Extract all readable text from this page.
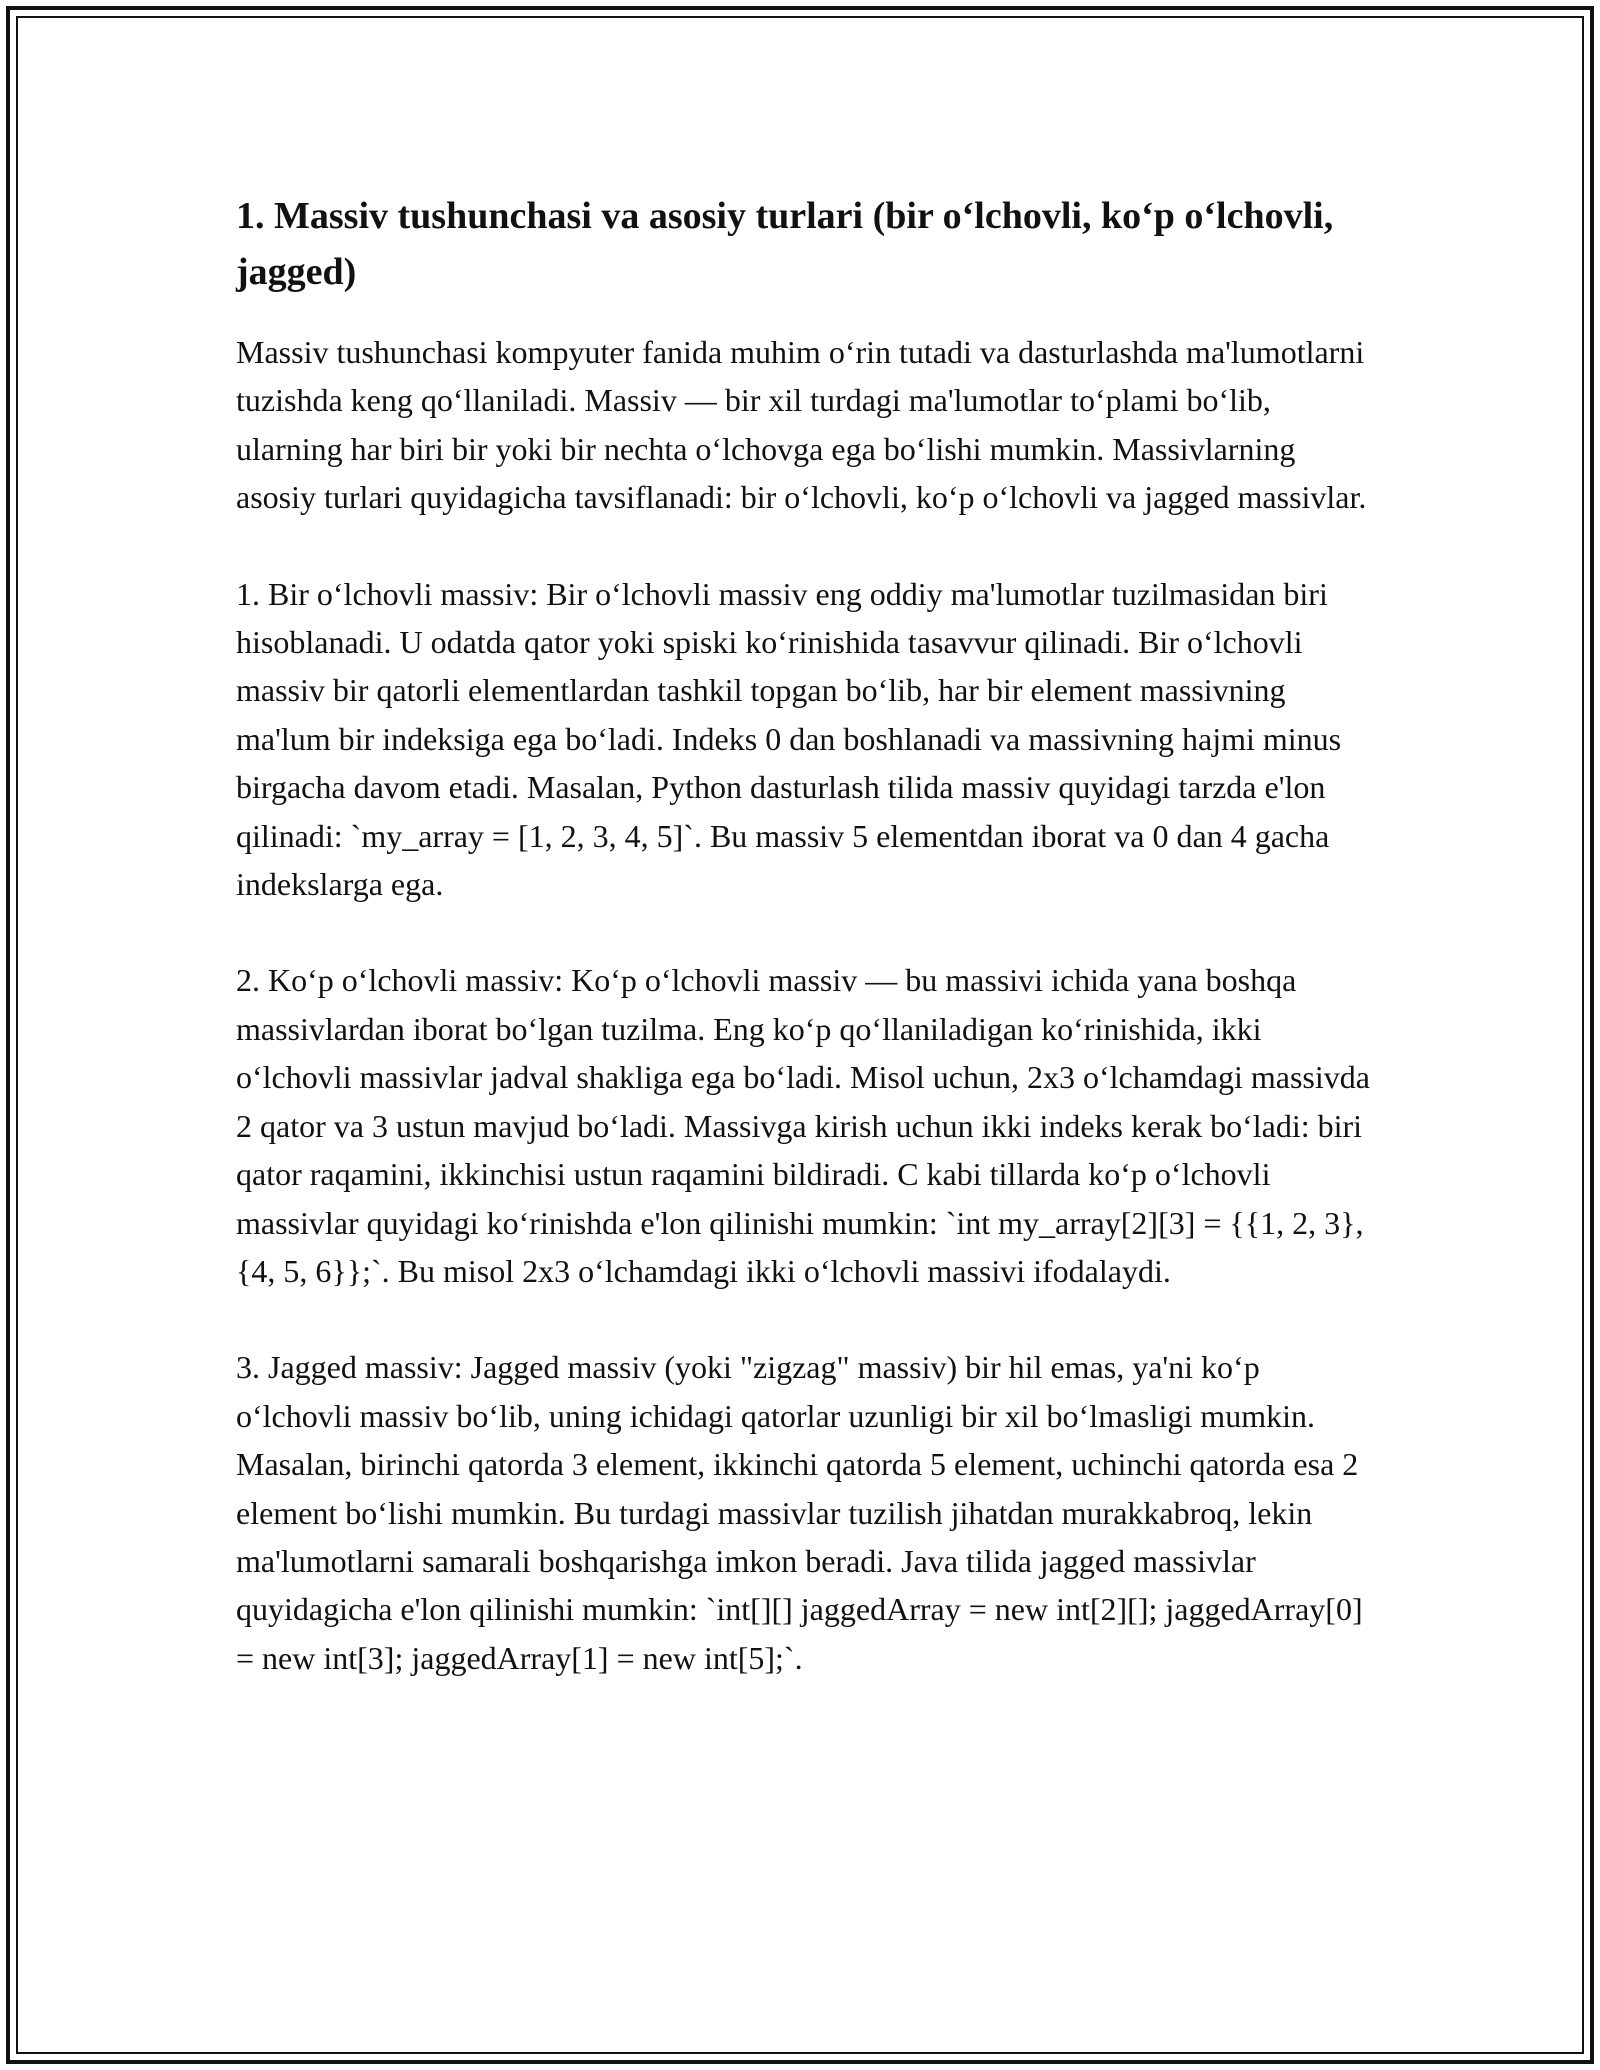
1. Massiv tushunchasi va asosiy turlari (bir o‘lchovli, ko‘p o‘lchovli, jagged)

Massiv tushunchasi kompyuter fanida muhim o‘rin tutadi va dasturlashda ma'lumotlarni tuzishda keng qo‘llaniladi. Massiv — bir xil turdagi ma'lumotlar to‘plami bo‘lib, ularning har biri bir yoki bir nechta o‘lchovga ega bo‘lishi mumkin. Massivlarning asosiy turlari quyidagicha tavsiflanadi: bir o‘lchovli, ko‘p o‘lchovli va jagged massivlar.

1. Bir o‘lchovli massiv: Bir o‘lchovli massiv eng oddiy ma'lumotlar tuzilmasidan biri hisoblanadi. U odatda qator yoki spiski ko‘rinishida tasavvur qilinadi. Bir o‘lchovli massiv bir qatorli elementlardan tashkil topgan bo‘lib, har bir element massivning ma'lum bir indeksiga ega bo‘ladi. Indeks 0 dan boshlanadi va massivning hajmi minus birgacha davom etadi. Masalan, Python dasturlash tilida massiv quyidagi tarzda e'lon qilinadi: `my_array = [1, 2, 3, 4, 5]`. Bu massiv 5 elementdan iborat va 0 dan 4 gacha indekslarga ega.

2. Ko‘p o‘lchovli massiv: Ko‘p o‘lchovli massiv — bu massivi ichida yana boshqa massivlardan iborat bo‘lgan tuzilma. Eng ko‘p qo‘llaniladigan ko‘rinishida, ikki o‘lchovli massivlar jadval shakliga ega bo‘ladi. Misol uchun, 2x3 o‘lchamdagi massivda 2 qator va 3 ustun mavjud bo‘ladi. Massivga kirish uchun ikki indeks kerak bo‘ladi: biri qator raqamini, ikkinchisi ustun raqamini bildiradi. C kabi tillarda ko‘p o‘lchovli massivlar quyidagi ko‘rinishda e'lon qilinishi mumkin: `int my_array[2][3] = {{1, 2, 3}, {4, 5, 6}};`. Bu misol 2x3 o‘lchamdagi ikki o‘lchovli massivi ifodalaydi.

3. Jagged massiv: Jagged massiv (yoki "zigzag" massiv) bir hil emas, ya'ni ko‘p o‘lchovli massiv bo‘lib, uning ichidagi qatorlar uzunligi bir xil bo‘lmasligi mumkin. Masalan, birinchi qatorda 3 element, ikkinchi qatorda 5 element, uchinchi qatorda esa 2 element bo‘lishi mumkin. Bu turdagi massivlar tuzilish jihatdan murakkabroq, lekin ma'lumotlarni samarali boshqarishga imkon beradi. Java tilida jagged massivlar quyidagicha e'lon qilinishi mumkin: `int[][] jaggedArray = new int[2][]; jaggedArray[0] = new int[3]; jaggedArray[1] = new int[5];`.
